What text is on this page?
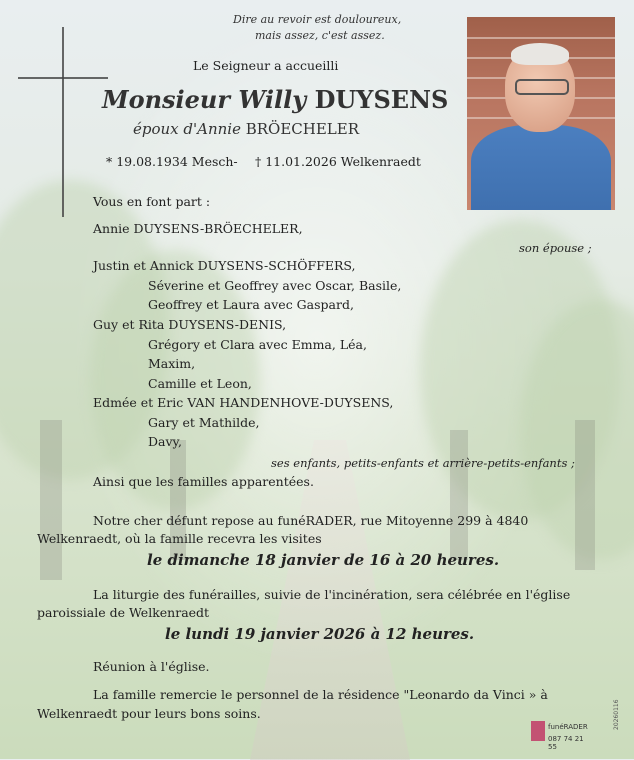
Dire au revoir est douloureux,
mais assez, c'est assez.
Le Seigneur a accueilli
Monsieur Willy DUYSENS
époux d'Annie BRÖECHELER
* 19.08.1934 Mesch- † 11.01.2026 Welkenraedt
Vous en font part :
Annie DUYSENS-BRÖECHELER,
son épouse ;
Justin et Annick DUYSENS-SCHÖFFERS,
Séverine et Geoffrey avec Oscar, Basile,
Geoffrey et Laura avec Gaspard,
Guy et Rita DUYSENS-DENIS,
Grégory et Clara avec Emma, Léa,
Maxim,
Camille et Leon,
Edmée et Eric VAN HANDENHOVE-DUYSENS,
Gary et Mathilde,
Davy,
ses enfants, petits-enfants et arrière-petits-enfants ;
Ainsi que les familles apparentées.
Notre cher défunt repose au funéRADER, rue Mitoyenne 299 à 4840
Welkenraedt, où la famille recevra les visites
le dimanche 18 janvier de 16 à 20 heures.
La liturgie des funérailles, suivie de l'incinération, sera célébrée en l'église
paroissiale de Welkenraedt
le lundi 19 janvier 2026 à 12 heures.
Réunion à l'église.
La famille remercie le personnel de la résidence "Leonardo da Vinci » à
Welkenraedt pour leurs bons soins.
funéRADER
087 74 21 55
20260116
